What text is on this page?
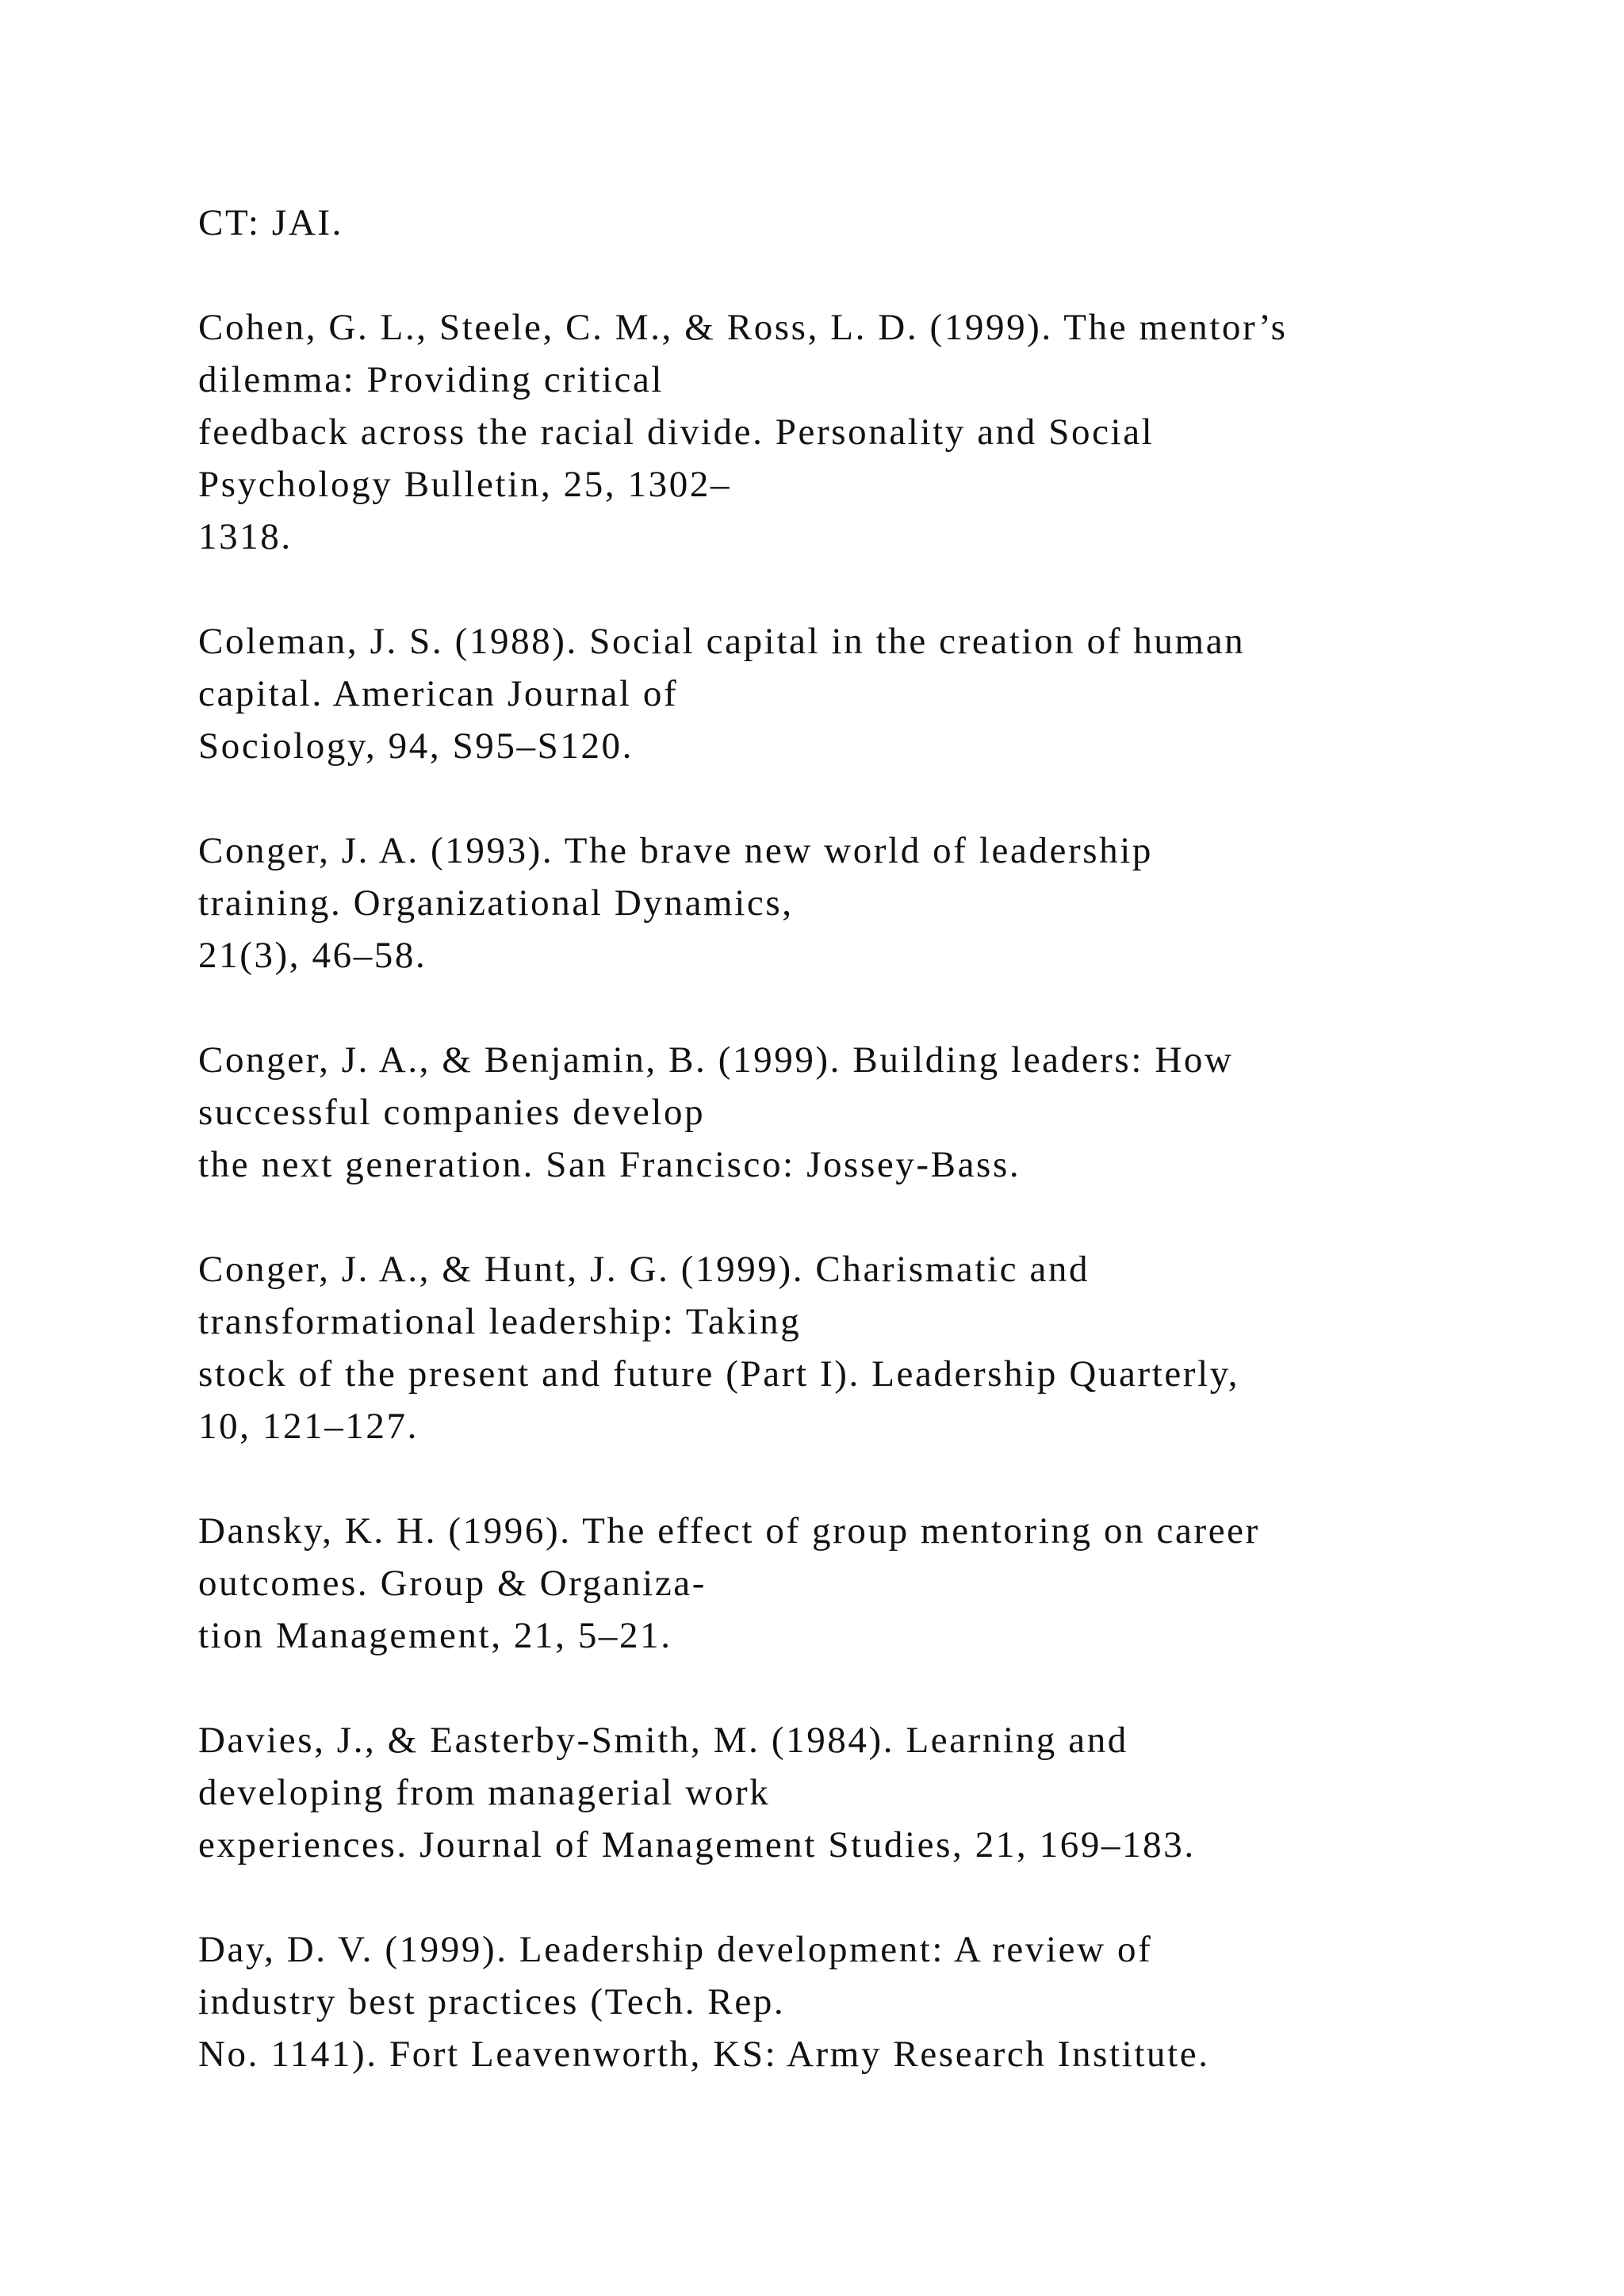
CT: JAI.
Cohen, G. L., Steele, C. M., & Ross, L. D. (1999). The mentor’s
dilemma: Providing critical
feedback across the racial divide. Personality and Social
Psychology Bulletin, 25, 1302–
1318.
Coleman, J. S. (1988). Social capital in the creation of human
capital. American Journal of
Sociology, 94, S95–S120.
Conger, J. A. (1993). The brave new world of leadership
training. Organizational Dynamics,
21(3), 46–58.
Conger, J. A., & Benjamin, B. (1999). Building leaders: How
successful companies develop
the next generation. San Francisco: Jossey-Bass.
Conger, J. A., & Hunt, J. G. (1999). Charismatic and
transformational leadership: Taking
stock of the present and future (Part I). Leadership Quarterly,
10, 121–127.
Dansky, K. H. (1996). The effect of group mentoring on career
outcomes. Group & Organiza-
tion Management, 21, 5–21.
Davies, J., & Easterby-Smith, M. (1984). Learning and
developing from managerial work
experiences. Journal of Management Studies, 21, 169–183.
Day, D. V. (1999). Leadership development: A review of
industry best practices (Tech. Rep.
No. 1141). Fort Leavenworth, KS: Army Research Institute.
